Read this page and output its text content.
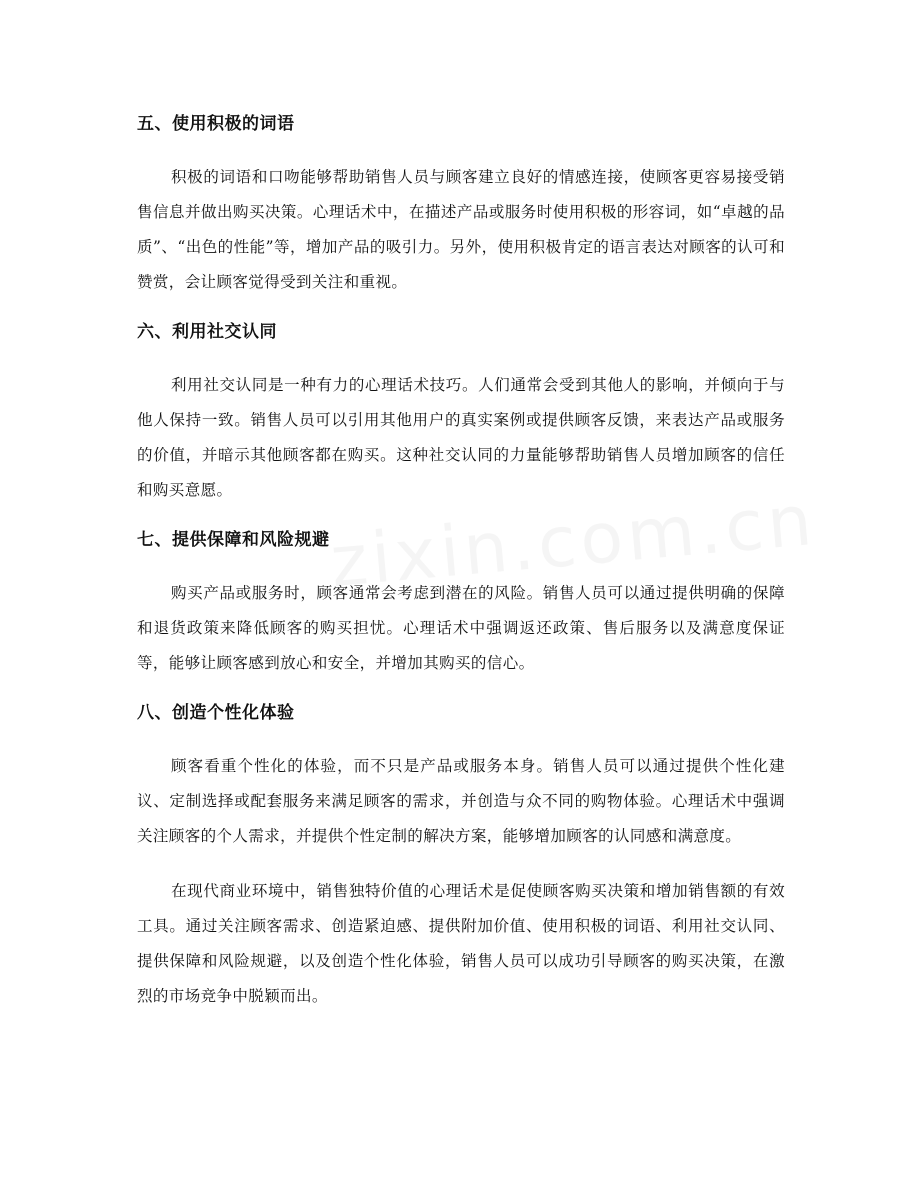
五、使用积极的词语

积极的词语和口吻能够帮助销售人员与顾客建立良好的情感连接，使顾客更容易接受销售信息并做出购买决策。心理话术中，在描述产品或服务时使用积极的形容词，如“卓越的品质”、“出色的性能”等，增加产品的吸引力。另外，使用积极肯定的语言表达对顾客的认可和赞赏，会让顾客觉得受到关注和重视。

六、利用社交认同

利用社交认同是一种有力的心理话术技巧。人们通常会受到其他人的影响，并倾向于与他人保持一致。销售人员可以引用其他用户的真实案例或提供顾客反馈，来表达产品或服务的价值，并暗示其他顾客都在购买。这种社交认同的力量能够帮助销售人员增加顾客的信任和购买意愿。

七、提供保障和风险规避

购买产品或服务时，顾客通常会考虑到潜在的风险。销售人员可以通过提供明确的保障和退货政策来降低顾客的购买担忧。心理话术中强调返还政策、售后服务以及满意度保证等，能够让顾客感到放心和安全，并增加其购买的信心。

八、创造个性化体验

顾客看重个性化的体验，而不只是产品或服务本身。销售人员可以通过提供个性化建议、定制选择或配套服务来满足顾客的需求，并创造与众不同的购物体验。心理话术中强调关注顾客的个人需求，并提供个性定制的解决方案，能够增加顾客的认同感和满意度。

在现代商业环境中，销售独特价值的心理话术是促使顾客购买决策和增加销售额的有效工具。通过关注顾客需求、创造紧迫感、提供附加价值、使用积极的词语、利用社交认同、提供保障和风险规避，以及创造个性化体验，销售人员可以成功引导顾客的购买决策，在激烈的市场竞争中脱颖而出。
